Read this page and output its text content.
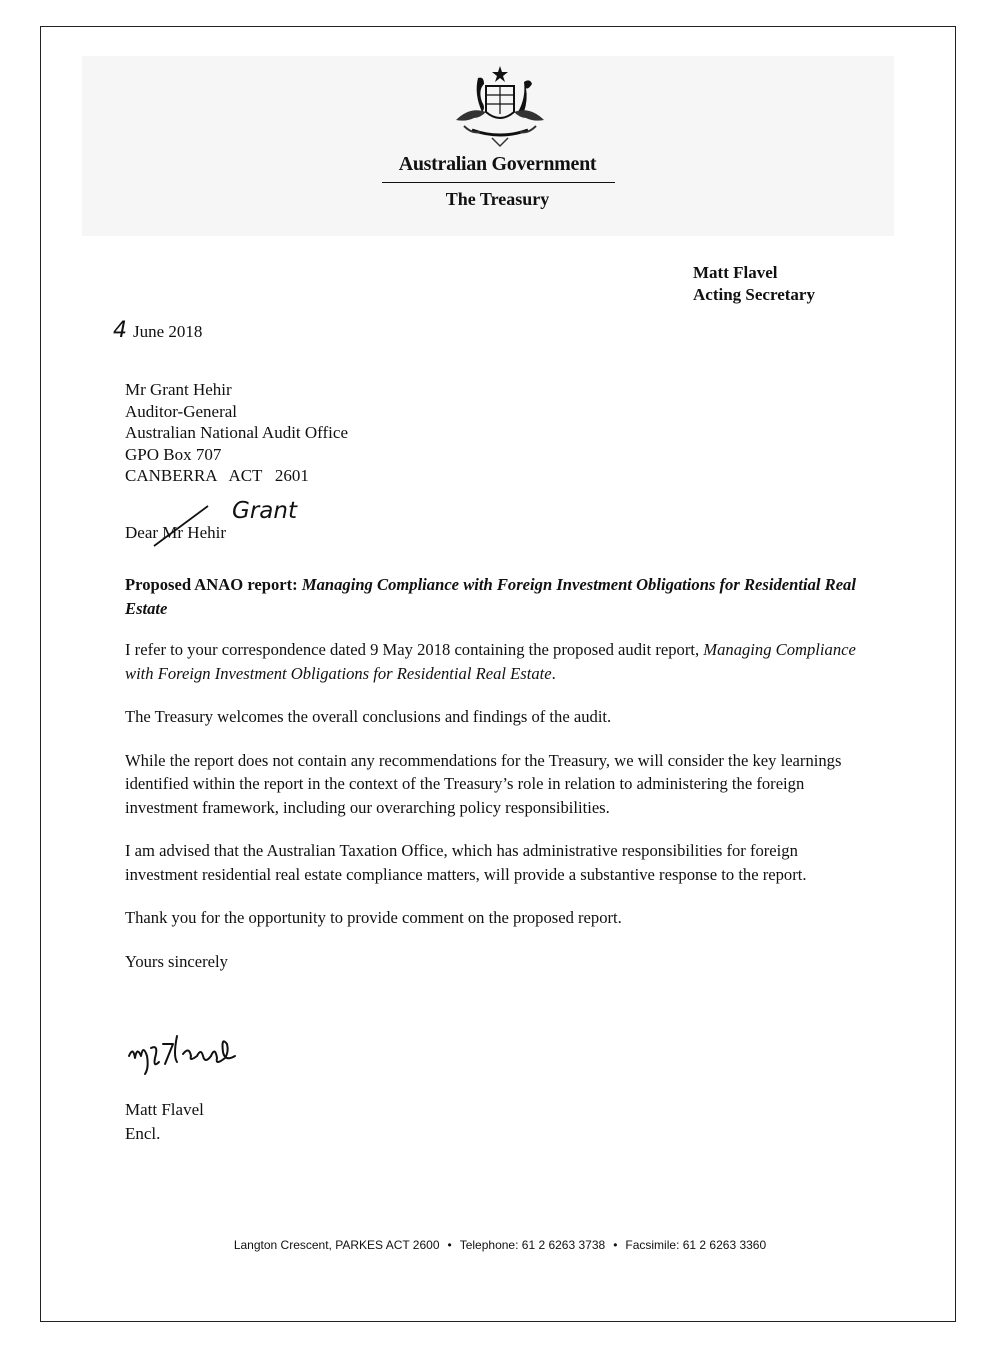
Australian Government
The Treasury
Matt Flavel
Acting Secretary
4 June 2018
Mr Grant Hehir
Auditor-General
Australian National Audit Office
GPO Box 707
CANBERRA   ACT   2601
Dear Mr Hehir
Grant

Proposed ANAO report: Managing Compliance with Foreign Investment Obligations for Residential Real Estate

I refer to your correspondence dated 9 May 2018 containing the proposed audit report, Managing Compliance with Foreign Investment Obligations for Residential Real Estate.

The Treasury welcomes the overall conclusions and findings of the audit.

While the report does not contain any recommendations for the Treasury, we will consider the key learnings identified within the report in the context of the Treasury’s role in relation to administering the foreign investment framework, including our overarching policy responsibilities.

I am advised that the Australian Taxation Office, which has administrative responsibilities for foreign investment residential real estate compliance matters, will provide a substantive response to the report.

Thank you for the opportunity to provide comment on the proposed report.

Yours sincerely

Matt Flavel
Encl.
Langton Crescent, PARKES ACT 2600 • Telephone: 61 2 6263 3738 • Facsimile: 61 2 6263 3360
